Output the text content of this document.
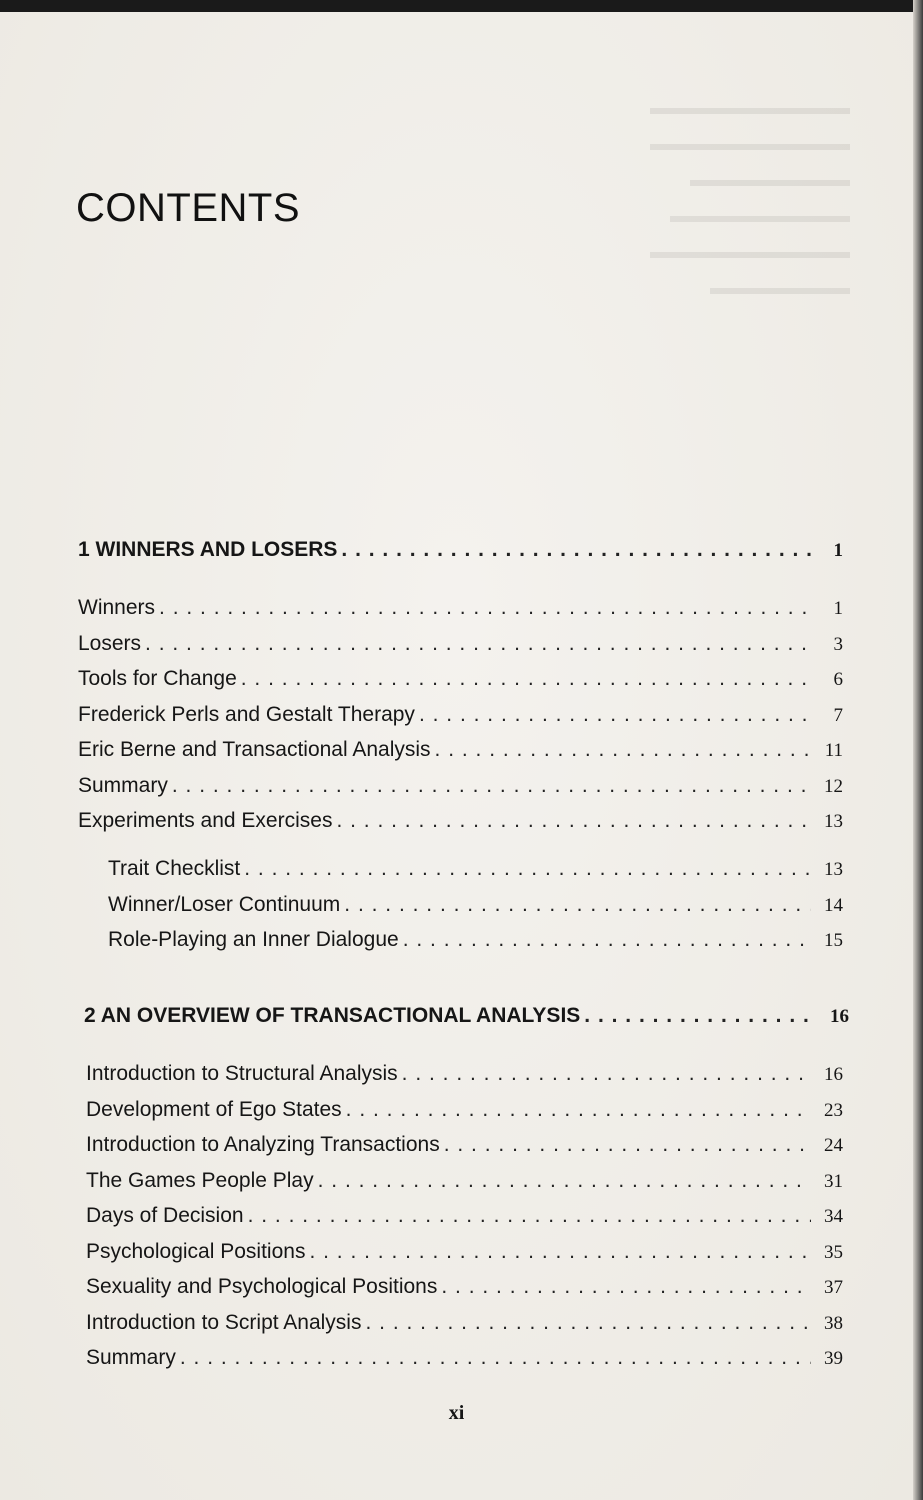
CONTENTS
1 WINNERS AND LOSERS . . .	1
Winners . . .	1
Losers . . .	3
Tools for Change . . .	6
Frederick Perls and Gestalt Therapy . . .	7
Eric Berne and Transactional Analysis . . .	11
Summary . . .	12
Experiments and Exercises . . .	13
Trait Checklist . . .	13
Winner/Loser Continuum . . .	14
Role-Playing an Inner Dialogue . . .	15
2 AN OVERVIEW OF TRANSACTIONAL ANALYSIS . . .	16
Introduction to Structural Analysis . . .	16
Development of Ego States . . .	23
Introduction to Analyzing Transactions . . .	24
The Games People Play . . .	31
Days of Decision . . .	34
Psychological Positions . . .	35
Sexuality and Psychological Positions . . .	37
Introduction to Script Analysis . . .	38
Summary . . .	39
xi
